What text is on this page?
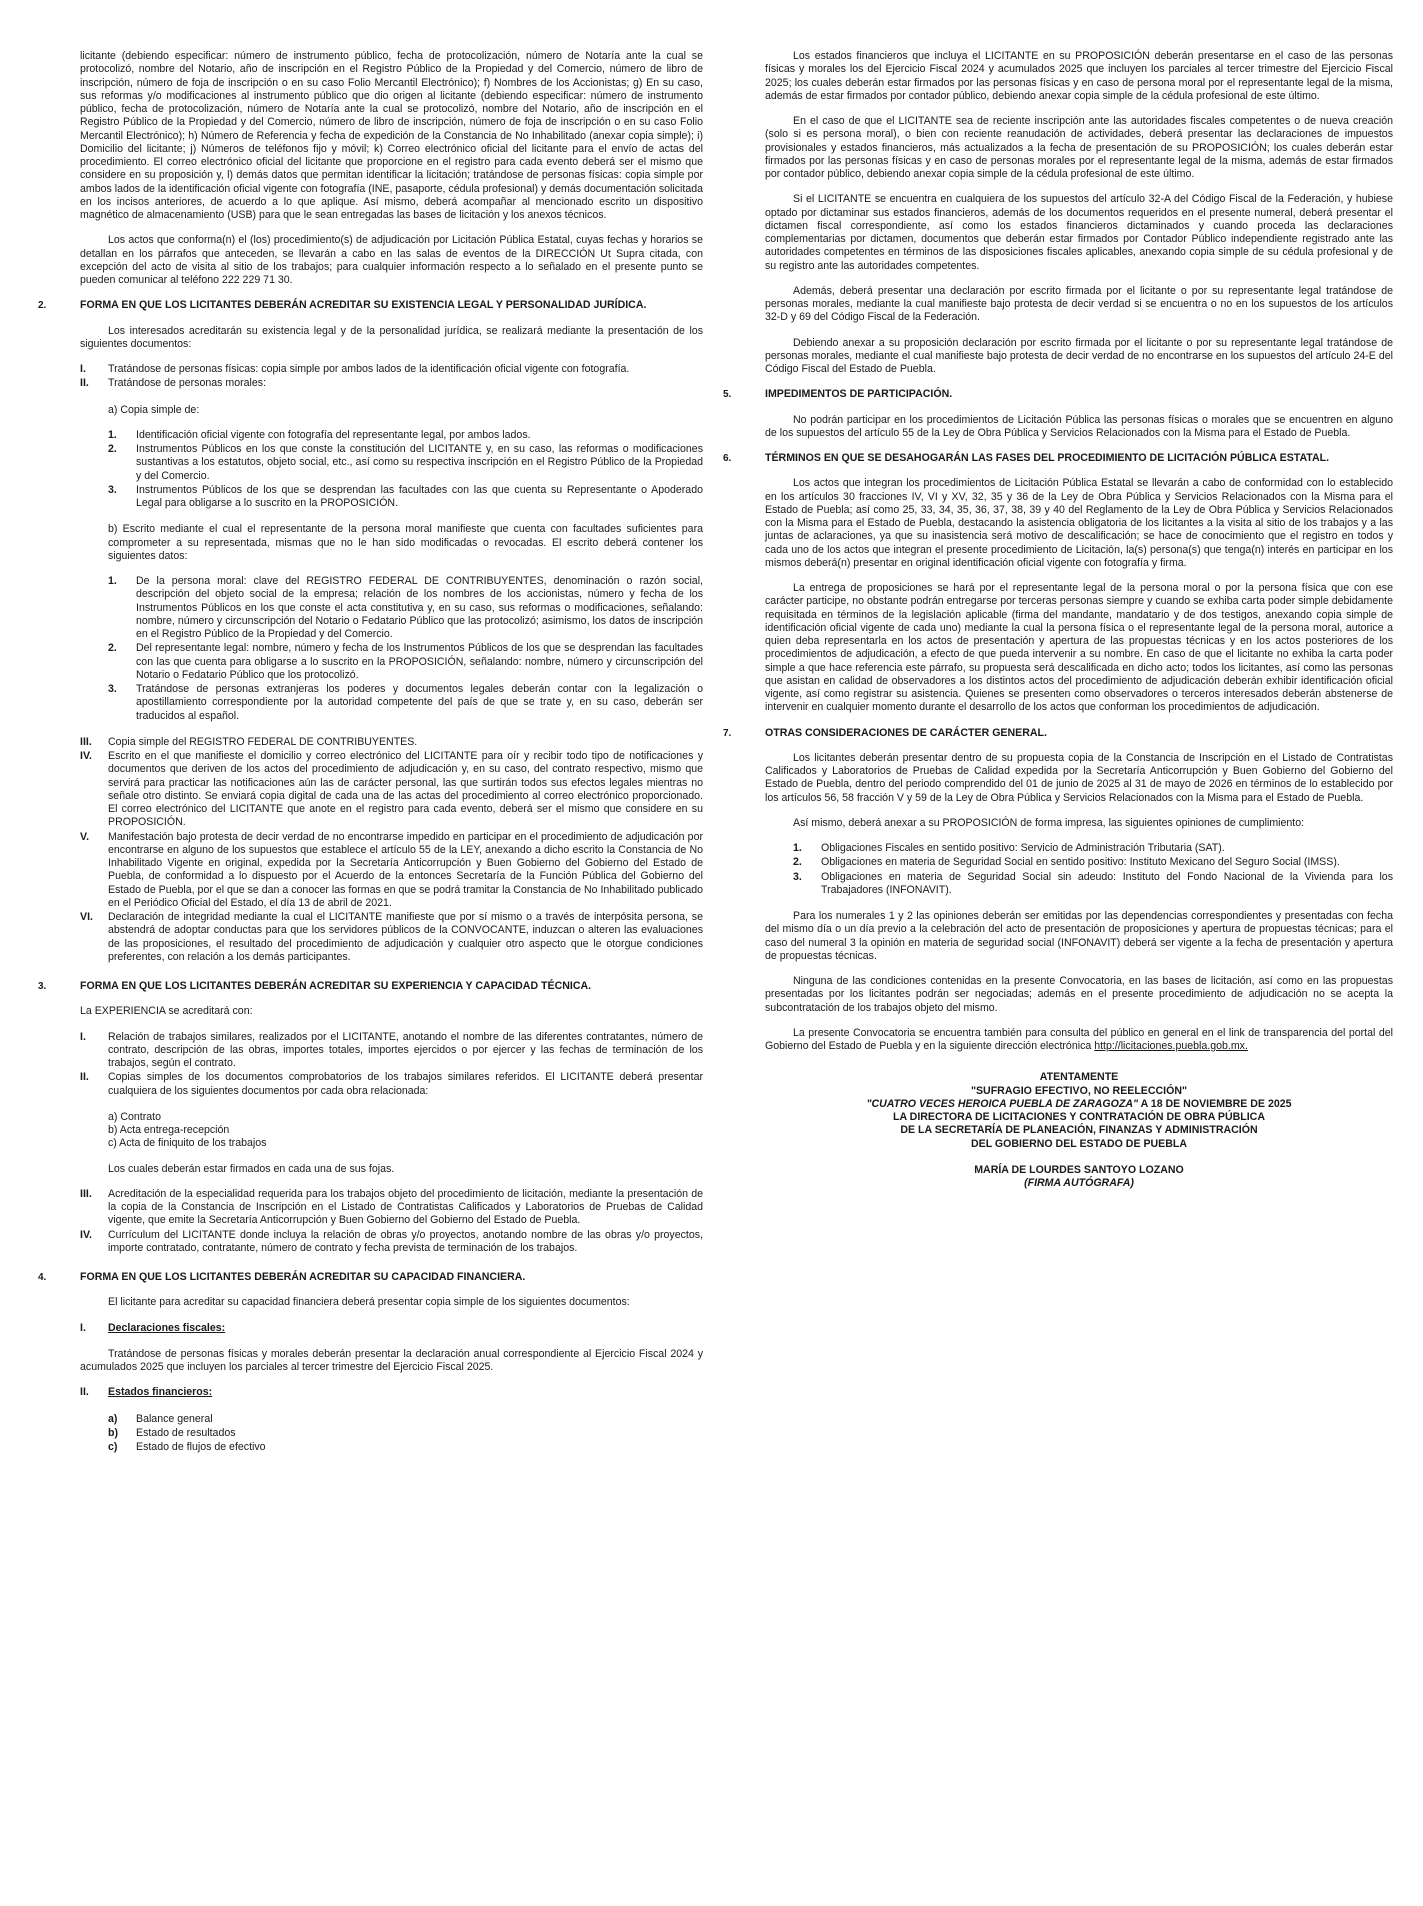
licitante (debiendo especificar: número de instrumento público, fecha de protocolización, número de Notaría ante la cual se protocolizó, nombre del Notario, año de inscripción en el Registro Público de la Propiedad y del Comercio, número de libro de inscripción, número de foja de inscripción o en su caso Folio Mercantil Electrónico); f) Nombres de los Accionistas; g) En su caso, sus reformas y/o modificaciones al instrumento público que dio origen al licitante (debiendo especificar: número de instrumento público, fecha de protocolización, número de Notaría ante la cual se protocolizó, nombre del Notario, año de inscripción en el Registro Público de la Propiedad y del Comercio, número de libro de inscripción, número de foja de inscripción o en su caso Folio Mercantil Electrónico); h) Número de Referencia y fecha de expedición de la Constancia de No Inhabilitado (anexar copia simple); i) Domicilio del licitante; j) Números de teléfonos fijo y móvil; k) Correo electrónico oficial del licitante para el envío de actas del procedimiento. El correo electrónico oficial del licitante que proporcione en el registro para cada evento deberá ser el mismo que considere en su proposición y, l) demás datos que permitan identificar la licitación; tratándose de personas físicas: copia simple por ambos lados de la identificación oficial vigente con fotografía (INE, pasaporte, cédula profesional) y demás documentación solicitada en los incisos anteriores, de acuerdo a lo que aplique. Así mismo, deberá acompañar al mencionado escrito un dispositivo magnético de almacenamiento (USB) para que le sean entregadas las bases de licitación y los anexos técnicos.

Los actos que conforma(n) el (los) procedimiento(s) de adjudicación por Licitación Pública Estatal, cuyas fechas y horarios se detallan en los párrafos que anteceden, se llevarán a cabo en las salas de eventos de la DIRECCIÓN Ut Supra citada, con excepción del acto de visita al sitio de los trabajos; para cualquier información respecto a lo señalado en el presente punto se pueden comunicar al teléfono 222 229 71 30.

2.	FORMA EN QUE LOS LICITANTES DEBERÁN ACREDITAR SU EXISTENCIA LEGAL Y PERSONALIDAD JURÍDICA.

Los interesados acreditarán su existencia legal y de la personalidad jurídica, se realizará mediante la presentación de los siguientes documentos:

I.	Tratándose de personas físicas: copia simple por ambos lados de la identificación oficial vigente con fotografía.
II.	Tratándose de personas morales:

a) Copia simple de:

1.	Identificación oficial vigente con fotografía del representante legal, por ambos lados.
2.	Instrumentos Públicos en los que conste la constitución del LICITANTE y, en su caso, las reformas o modificaciones sustantivas a los estatutos, objeto social, etc., así como su respectiva inscripción en el Registro Público de la Propiedad y del Comercio.
3.	Instrumentos Públicos de los que se desprendan las facultades con las que cuenta su Representante o Apoderado Legal para obligarse a lo suscrito en la PROPOSICIÓN.

b) Escrito mediante el cual el representante de la persona moral manifieste que cuenta con facultades suficientes para comprometer a su representada, mismas que no le han sido modificadas o revocadas. El escrito deberá contener los siguientes datos:

1.	De la persona moral: clave del REGISTRO FEDERAL DE CONTRIBUYENTES, denominación o razón social, descripción del objeto social de la empresa; relación de los nombres de los accionistas, número y fecha de los Instrumentos Públicos en los que conste el acta constitutiva y, en su caso, sus reformas o modificaciones, señalando: nombre, número y circunscripción del Notario o Fedatario Público que las protocolizó; asimismo, los datos de inscripción en el Registro Público de la Propiedad y del Comercio.
2.	Del representante legal: nombre, número y fecha de los Instrumentos Públicos de los que se desprendan las facultades con las que cuenta para obligarse a lo suscrito en la PROPOSICIÓN, señalando: nombre, número y circunscripción del Notario o Fedatario Público que los protocolizó.
3.	Tratándose de personas extranjeras los poderes y documentos legales deberán contar con la legalización o apostillamiento correspondiente por la autoridad competente del país de que se trate y, en su caso, deberán ser traducidos al español.
III.	Copia simple del REGISTRO FEDERAL DE CONTRIBUYENTES.
IV.	Escrito en el que manifieste el domicilio y correo electrónico del LICITANTE para oír y recibir todo tipo de notificaciones y documentos que deriven de los actos del procedimiento de adjudicación y, en su caso, del contrato respectivo, mismo que servirá para practicar las notificaciones aún las de carácter personal, las que surtirán todos sus efectos legales mientras no señale otro distinto. Se enviará copia digital de cada una de las actas del procedimiento al correo electrónico proporcionado. El correo electrónico del LICITANTE que anote en el registro para cada evento, deberá ser el mismo que considere en su PROPOSICIÓN.
V.	Manifestación bajo protesta de decir verdad de no encontrarse impedido en participar en el procedimiento de adjudicación por encontrarse en alguno de los supuestos que establece el artículo 55 de la LEY, anexando a dicho escrito la Constancia de No Inhabilitado Vigente en original, expedida por la Secretaría Anticorrupción y Buen Gobierno del Gobierno del Estado de Puebla, de conformidad a lo dispuesto por el Acuerdo de la entonces Secretaría de la Función Pública del Gobierno del Estado de Puebla, por el que se dan a conocer las formas en que se podrá tramitar la Constancia de No Inhabilitado publicado en el Periódico Oficial del Estado, el día 13 de abril de 2021.
VI.	Declaración de integridad mediante la cual el LICITANTE manifieste que por sí mismo o a través de interpósita persona, se abstendrá de adoptar conductas para que los servidores públicos de la CONVOCANTE, induzcan o alteren las evaluaciones de las proposiciones, el resultado del procedimiento de adjudicación y cualquier otro aspecto que le otorgue condiciones preferentes, con relación a los demás participantes.
3.	FORMA EN QUE LOS LICITANTES DEBERÁN ACREDITAR SU EXPERIENCIA Y CAPACIDAD TÉCNICA.

La EXPERIENCIA se acreditará con:

I.	Relación de trabajos similares, realizados por el LICITANTE, anotando el nombre de las diferentes contratantes, número de contrato, descripción de las obras, importes totales, importes ejercidos o por ejercer y las fechas de terminación de los trabajos, según el contrato.
II.	Copias simples de los documentos comprobatorios de los trabajos similares referidos. El LICITANTE deberá presentar cualquiera de los siguientes documentos por cada obra relacionada:
a) Contrato
b) Acta entrega-recepción
c) Acta de finiquito de los trabajos

Los cuales deberán estar firmados en cada una de sus fojas.

III.	Acreditación de la especialidad requerida para los trabajos objeto del procedimiento de licitación, mediante la presentación de la copia de la Constancia de Inscripción en el Listado de Contratistas Calificados y Laboratorios de Pruebas de Calidad vigente, que emite la Secretaría Anticorrupción y Buen Gobierno del Gobierno del Estado de Puebla.
IV.	Currículum del LICITANTE donde incluya la relación de obras y/o proyectos, anotando nombre de las obras y/o proyectos, importe contratado, contratante, número de contrato y fecha prevista de terminación de los trabajos.
4.	FORMA EN QUE LOS LICITANTES DEBERÁN ACREDITAR SU CAPACIDAD FINANCIERA.

El licitante para acreditar su capacidad financiera deberá presentar copia simple de los siguientes documentos:

I.	Declaraciones fiscales:

Tratándose de personas físicas y morales deberán presentar la declaración anual correspondiente al Ejercicio Fiscal 2024 y acumulados 2025 que incluyen los parciales al tercer trimestre del Ejercicio Fiscal 2025.

II.	Estados financieros:
a)	Balance general
b)	Estado de resultados
c)	Estado de flujos de efectivo

Los estados financieros que incluya el LICITANTE en su PROPOSICIÓN deberán presentarse en el caso de las personas físicas y morales los del Ejercicio Fiscal 2024 y acumulados 2025 que incluyen los parciales al tercer trimestre del Ejercicio Fiscal 2025; los cuales deberán estar firmados por las personas físicas y en caso de persona moral por el representante legal de la misma, además de estar firmados por contador público, debiendo anexar copia simple de la cédula profesional de este último.

En el caso de que el LICITANTE sea de reciente inscripción ante las autoridades fiscales competentes o de nueva creación (solo si es persona moral), o bien con reciente reanudación de actividades, deberá presentar las declaraciones de impuestos provisionales y estados financieros, más actualizados a la fecha de presentación de su PROPOSICIÓN; los cuales deberán estar firmados por las personas físicas y en caso de personas morales por el representante legal de la misma, además de estar firmados por contador público, debiendo anexar copia simple de la cédula profesional de este último.

Si el LICITANTE se encuentra en cualquiera de los supuestos del artículo 32-A del Código Fiscal de la Federación, y hubiese optado por dictaminar sus estados financieros, además de los documentos requeridos en el presente numeral, deberá presentar el dictamen fiscal correspondiente, así como los estados financieros dictaminados y cuando proceda las declaraciones complementarias por dictamen, documentos que deberán estar firmados por Contador Público independiente registrado ante las autoridades competentes en términos de las disposiciones fiscales aplicables, anexando copia simple de su cédula profesional y de su registro ante las autoridades competentes.

Además, deberá presentar una declaración por escrito firmada por el licitante o por su representante legal tratándose de personas morales, mediante la cual manifieste bajo protesta de decir verdad si se encuentra o no en los supuestos de los artículos 32-D y 69 del Código Fiscal de la Federación.

Debiendo anexar a su proposición declaración por escrito firmada por el licitante o por su representante legal tratándose de personas morales, mediante el cual manifieste bajo protesta de decir verdad de no encontrarse en los supuestos del artículo 24-E del Código Fiscal del Estado de Puebla.

5.	IMPEDIMENTOS DE PARTICIPACIÓN.

No podrán participar en los procedimientos de Licitación Pública las personas físicas o morales que se encuentren en alguno de los supuestos del artículo 55 de la Ley de Obra Pública y Servicios Relacionados con la Misma para el Estado de Puebla.

6.	TÉRMINOS EN QUE SE DESAHOGARÁN LAS FASES DEL PROCEDIMIENTO DE LICITACIÓN PÚBLICA ESTATAL.

Los actos que integran los procedimientos de Licitación Pública Estatal se llevarán a cabo de conformidad con lo establecido en los artículos 30 fracciones IV, VI y XV, 32, 35 y 36 de la Ley de Obra Pública y Servicios Relacionados con la Misma para el Estado de Puebla; así como 25, 33, 34, 35, 36, 37, 38, 39 y 40 del Reglamento de la Ley de Obra Pública y Servicios Relacionados con la Misma para el Estado de Puebla, destacando la asistencia obligatoria de los licitantes a la visita al sitio de los trabajos y a las juntas de aclaraciones, ya que su inasistencia será motivo de descalificación; se hace de conocimiento que el registro en todos y cada uno de los actos que integran el presente procedimiento de Licitación, la(s) persona(s) que tenga(n) interés en participar en los mismos deberá(n) presentar en original identificación oficial vigente con fotografía y firma.

La entrega de proposiciones se hará por el representante legal de la persona moral o por la persona física que con ese carácter participe, no obstante podrán entregarse por terceras personas siempre y cuando se exhiba carta poder simple debidamente requisitada en términos de la legislación aplicable (firma del mandante, mandatario y de dos testigos, anexando copia simple de identificación oficial vigente de cada uno) mediante la cual la persona física o el representante legal de la persona moral, autorice a quien deba representarla en los actos de presentación y apertura de las propuestas técnicas y en los actos posteriores de los procedimientos de adjudicación, a efecto de que pueda intervenir a su nombre. En caso de que el licitante no exhiba la carta poder simple a que hace referencia este párrafo, su propuesta será descalificada en dicho acto; todos los licitantes, así como las personas que asistan en calidad de observadores a los distintos actos del procedimiento de adjudicación deberán exhibir identificación oficial vigente, así como registrar su asistencia. Quienes se presenten como observadores o terceros interesados deberán abstenerse de intervenir en cualquier momento durante el desarrollo de los actos que conforman los procedimientos de adjudicación.

7.	OTRAS CONSIDERACIONES DE CARÁCTER GENERAL.

Los licitantes deberán presentar dentro de su propuesta copia de la Constancia de Inscripción en el Listado de Contratistas Calificados y Laboratorios de Pruebas de Calidad expedida por la Secretaría Anticorrupción y Buen Gobierno del Gobierno del Estado de Puebla, dentro del periodo comprendido del 01 de junio de 2025 al 31 de mayo de 2026 en términos de lo establecido por los artículos 56, 58 fracción V y 59 de la Ley de Obra Pública y Servicios Relacionados con la Misma para el Estado de Puebla.

Así mismo, deberá anexar a su PROPOSICIÓN de forma impresa, las siguientes opiniones de cumplimiento:

1.	Obligaciones Fiscales en sentido positivo: Servicio de Administración Tributaria (SAT).
2.	Obligaciones en materia de Seguridad Social en sentido positivo: Instituto Mexicano del Seguro Social (IMSS).
3.	Obligaciones en materia de Seguridad Social sin adeudo: Instituto del Fondo Nacional de la Vivienda para los Trabajadores (INFONAVIT).

Para los numerales 1 y 2 las opiniones deberán ser emitidas por las dependencias correspondientes y presentadas con fecha del mismo día o un día previo a la celebración del acto de presentación de proposiciones y apertura de propuestas técnicas; para el caso del numeral 3 la opinión en materia de seguridad social (INFONAVIT) deberá ser vigente a la fecha de presentación y apertura de propuestas técnicas.

Ninguna de las condiciones contenidas en la presente Convocatoria, en las bases de licitación, así como en las propuestas presentadas por los licitantes podrán ser negociadas; además en el presente procedimiento de adjudicación no se acepta la subcontratación de los trabajos objeto del mismo.

La presente Convocatoria se encuentra también para consulta del público en general en el link de transparencia del portal del Gobierno del Estado de Puebla y en la siguiente dirección electrónica http://licitaciones.puebla.gob.mx.

ATENTAMENTE
"SUFRAGIO EFECTIVO, NO REELECCIÓN"
"CUATRO VECES HEROICA PUEBLA DE ZARAGOZA" A 18 DE NOVIEMBRE DE 2025
LA DIRECTORA DE LICITACIONES Y CONTRATACIÓN DE OBRA PÚBLICA
DE LA SECRETARÍA DE PLANEACIÓN, FINANZAS Y ADMINISTRACIÓN
DEL GOBIERNO DEL ESTADO DE PUEBLA
MARÍA DE LOURDES SANTOYO LOZANO
(FIRMA AUTÓGRAFA)
